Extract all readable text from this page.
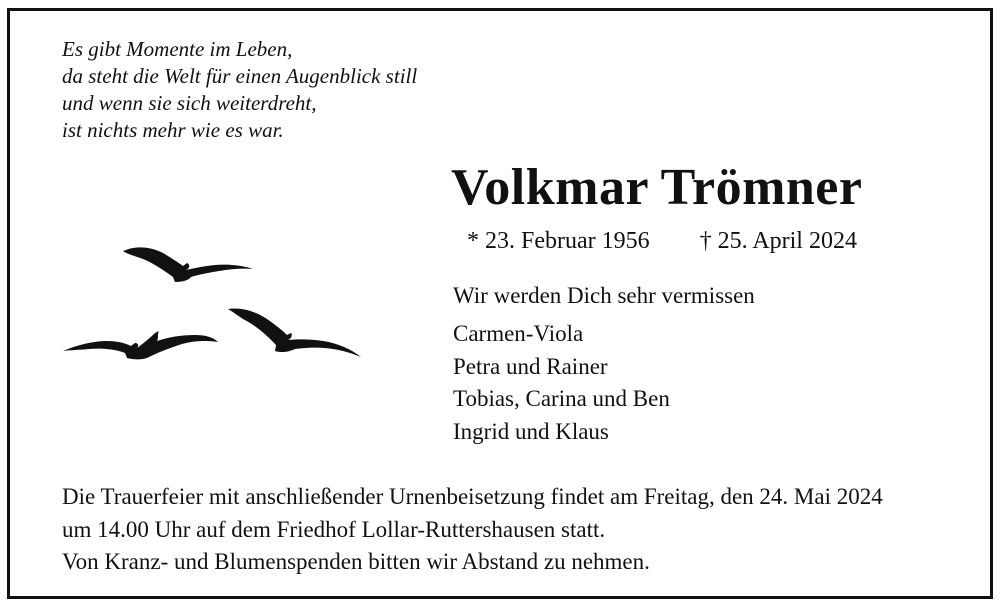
Es gibt Momente im Leben,
da steht die Welt für einen Augenblick still
und wenn sie sich weiterdreht,
ist nichts mehr wie es war.
Volkmar Trömner
* 23. Februar 1956 † 25. April 2024
Wir werden Dich sehr vermissen
Carmen-Viola
Petra und Rainer
Tobias, Carina und Ben
Ingrid und Klaus
Die Trauerfeier mit anschließender Urnenbeisetzung findet am Freitag, den 24. Mai 2024
um 14.00 Uhr auf dem Friedhof Lollar-Ruttershausen statt.
Von Kranz- und Blumenspenden bitten wir Abstand zu nehmen.
